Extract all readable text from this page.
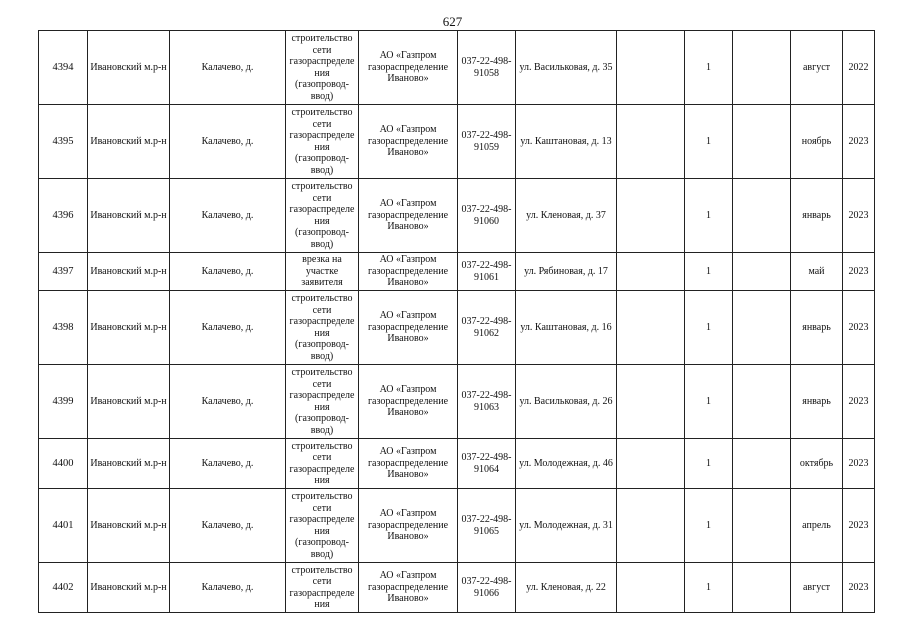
627
4394	Ивановский м.р-н	Калачево, д.	строительство сети газораспределения (газопровод-ввод)	АО «Газпром газораспределение Иваново»	037-22-498-91058	ул. Васильковая, д. 35		1		август	2022
4395	Ивановский м.р-н	Калачево, д.	строительство сети газораспределения (газопровод-ввод)	АО «Газпром газораспределение Иваново»	037-22-498-91059	ул. Каштановая, д. 13		1		ноябрь	2023
4396	Ивановский м.р-н	Калачево, д.	строительство сети газораспределения (газопровод-ввод)	АО «Газпром газораспределение Иваново»	037-22-498-91060	ул. Кленовая, д. 37		1		январь	2023
4397	Ивановский м.р-н	Калачево, д.	врезка на участке заявителя	АО «Газпром газораспределение Иваново»	037-22-498-91061	ул. Рябиновая, д. 17		1		май	2023
4398	Ивановский м.р-н	Калачево, д.	строительство сети газораспределения (газопровод-ввод)	АО «Газпром газораспределение Иваново»	037-22-498-91062	ул. Каштановая, д. 16		1		январь	2023
4399	Ивановский м.р-н	Калачево, д.	строительство сети газораспределения (газопровод-ввод)	АО «Газпром газораспределение Иваново»	037-22-498-91063	ул. Васильковая, д. 26		1		январь	2023
4400	Ивановский м.р-н	Калачево, д.	строительство сети газораспределения	АО «Газпром газораспределение Иваново»	037-22-498-91064	ул. Молодежная, д. 46		1		октябрь	2023
4401	Ивановский м.р-н	Калачево, д.	строительство сети газораспределения (газопровод-ввод)	АО «Газпром газораспределение Иваново»	037-22-498-91065	ул. Молодежная, д. 31		1		апрель	2023
4402	Ивановский м.р-н	Калачево, д.	строительство сети газораспределения	АО «Газпром газораспределение Иваново»	037-22-498-91066	ул. Кленовая, д. 22		1		август	2023
